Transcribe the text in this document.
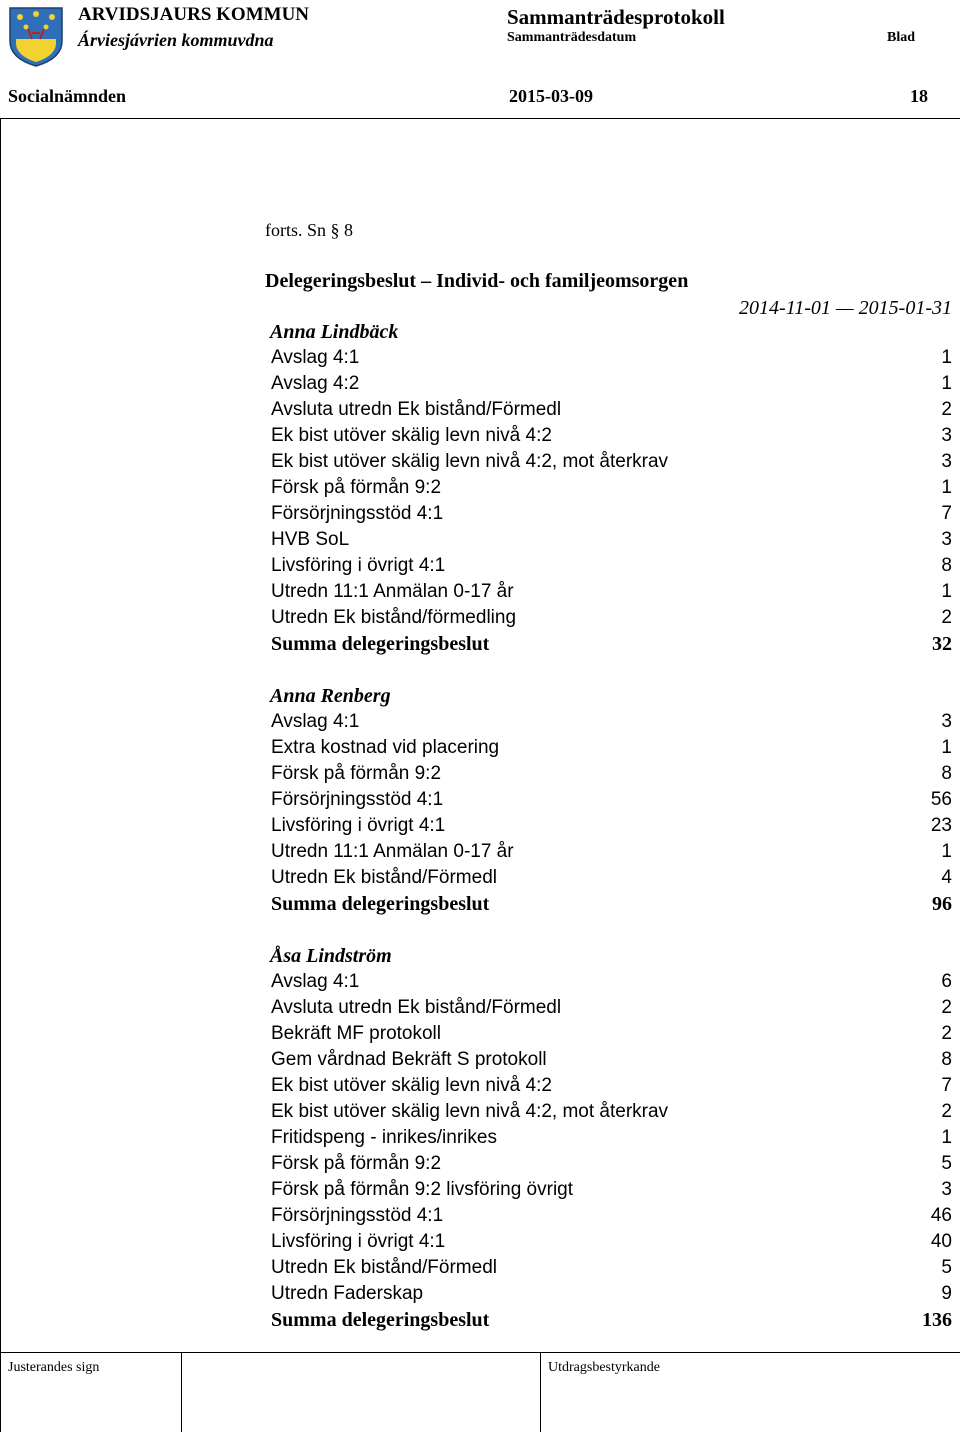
ARVIDSJAURS KOMMUN
Árviesjávrien kommuvdna
Sammanträdesprotokoll
Sammanträdesdatum	Blad
Socialnämnden	2015-03-09	18
forts. Sn § 8
Delegeringsbeslut – Individ- och familjeomsorgen
2014-11-01 — 2015-01-31
Anna Lindbäck
Avslag 4:1	1
Avslag 4:2	1
Avsluta utredn Ek bistånd/Förmedl	2
Ek bist utöver skälig levn nivå 4:2	3
Ek bist utöver skälig levn nivå 4:2, mot återkrav	3
Försk på förmån 9:2	1
Försörjningsstöd 4:1	7
HVB SoL	3
Livsföring i övrigt 4:1	8
Utredn 11:1 Anmälan 0-17 år	1
Utredn Ek bistånd/förmedling	2
Summa delegeringsbeslut	32
Anna Renberg
Avslag 4:1	3
Extra kostnad vid placering	1
Försk på förmån 9:2	8
Försörjningsstöd 4:1	56
Livsföring i övrigt 4:1	23
Utredn 11:1 Anmälan 0-17 år	1
Utredn Ek bistånd/Förmedl	4
Summa delegeringsbeslut	96
Åsa Lindström
Avslag 4:1	6
Avsluta utredn Ek bistånd/Förmedl	2
Bekräft MF protokoll	2
Gem vårdnad Bekräft S protokoll	8
Ek bist utöver skälig levn nivå 4:2	7
Ek bist utöver skälig levn nivå 4:2, mot återkrav	2
Fritidspeng - inrikes/inrikes	1
Försk på förmån 9:2	5
Försk på förmån 9:2 livsföring övrigt	3
Försörjningsstöd 4:1	46
Livsföring i övrigt 4:1	40
Utredn Ek bistånd/Förmedl	5
Utredn Faderskap	9
Summa delegeringsbeslut	136
Justerandes sign	Utdragsbestyrkande
